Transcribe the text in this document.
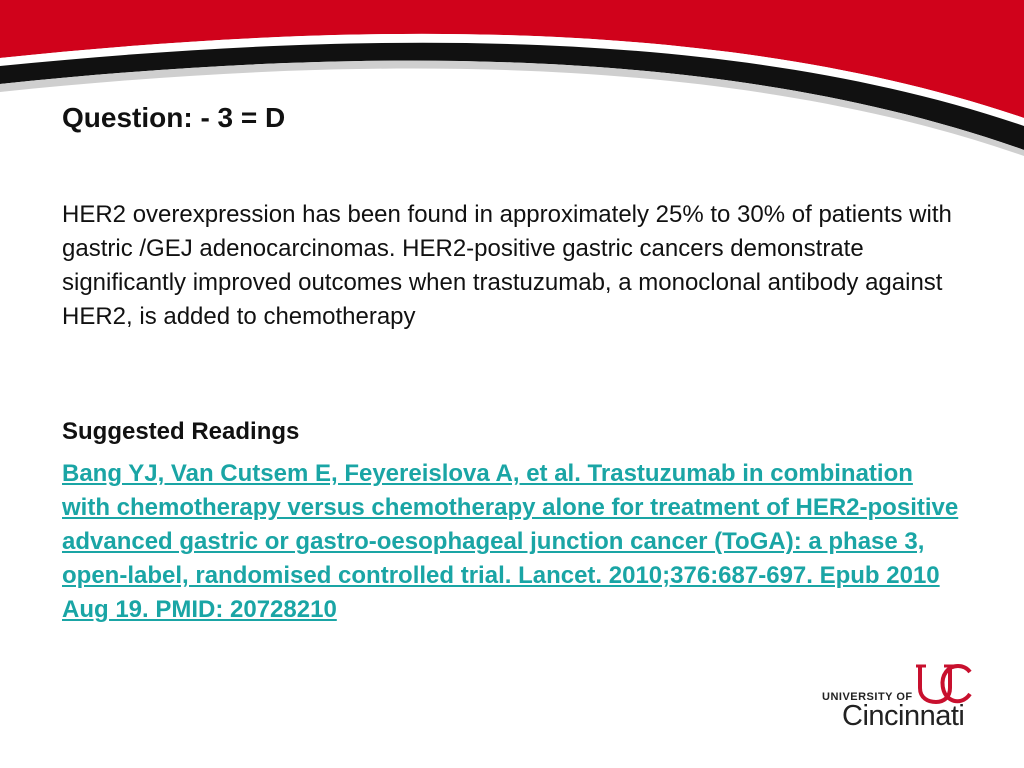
Question: - 3 = D
HER2 overexpression has been found in approximately 25% to 30% of patients with gastric /GEJ adenocarcinomas. HER2-positive gastric cancers demonstrate significantly improved outcomes when trastuzumab, a monoclonal antibody against HER2, is added to chemotherapy
Suggested Readings
Bang YJ, Van Cutsem E, Feyereislova A, et al. Trastuzumab in combination with chemotherapy versus chemotherapy alone for treatment of HER2-positive advanced gastric or gastro-oesophageal junction cancer (ToGA): a phase 3, open-label, randomised controlled trial. Lancet. 2010;376:687-697. Epub 2010 Aug 19. PMID: 20728210
UNIVERSITY OF
Cincinnati
